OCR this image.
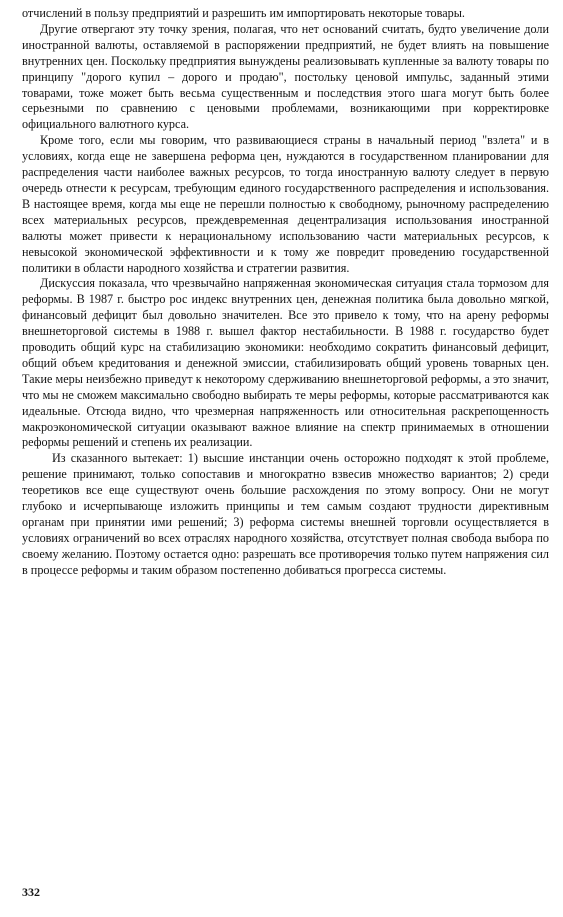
отчислений в пользу предприятий и разрешить им импортировать некоторые товары.

Другие отвергают эту точку зрения, полагая, что нет оснований считать, будто увеличение доли иностранной валюты, оставляемой в распоряжении предприятий, не будет влиять на повышение внутренних цен. Поскольку предприятия вынуждены реализовывать купленные за валюту товары по принципу "дорого купил – дорого и продаю", постольку ценовой импульс, заданный этими товарами, тоже может быть весьма существенным и последствия этого шага могут быть более серьезными по сравнению с ценовыми проблемами, возникающими при корректировке официального валютного курса.

Кроме того, если мы говорим, что развивающиеся страны в начальный период "взлета" и в условиях, когда еще не завершена реформа цен, нуждаются в государственном планировании для распределения части наиболее важных ресурсов, то тогда иностранную валюту следует в первую очередь отнести к ресурсам, требующим единого государственного распределения и использования. В настоящее время, когда мы еще не перешли полностью к свободному, рыночному распределению всех материальных ресурсов, преждевременная децентрализация использования иностранной валюты может привести к нерациональному использованию части материальных ресурсов, к невысокой экономической эффективности и к тому же повредит проведению государственной политики в области народного хозяйства и стратегии развития.

Дискуссия показала, что чрезвычайно напряженная экономическая ситуация стала тормозом для реформы. В 1987 г. быстро рос индекс внутренних цен, денежная политика была довольно мягкой, финансовый дефицит был довольно значителен. Все это привело к тому, что на арену реформы внешнеторговой системы в 1988 г. вышел фактор нестабильности. В 1988 г. государство будет проводить общий курс на стабилизацию экономики: необходимо сократить финансовый дефицит, общий объем кредитования и денежной эмиссии, стабилизировать общий уровень товарных цен. Такие меры неизбежно приведут к некоторому сдерживанию внешнеторговой реформы, а это значит, что мы не сможем максимально свободно выбирать те меры реформы, которые рассматриваются как идеальные. Отсюда видно, что чрезмерная напряженность или относительная раскрепощенность макроэкономической ситуации оказывают важное влияние на спектр принимаемых в отношении реформы решений и степень их реализации.

Из сказанного вытекает: 1) высшие инстанции очень осторожно подходят к этой проблеме, решение принимают, только сопоставив и многократно взвесив множество вариантов; 2) среди теоретиков все еще существуют очень большие расхождения по этому вопросу. Они не могут глубоко и исчерпывающе изложить принципы и тем самым создают трудности директивным органам при принятии ими решений; 3) реформа системы внешней торговли осуществляется в условиях ограничений во всех отраслях народного хозяйства, отсутствует полная свобода выбора по своему желанию. Поэтому остается одно: разрешать все противоречия только путем напряжения сил в процессе реформы и таким образом постепенно добиваться прогресса системы.

332
